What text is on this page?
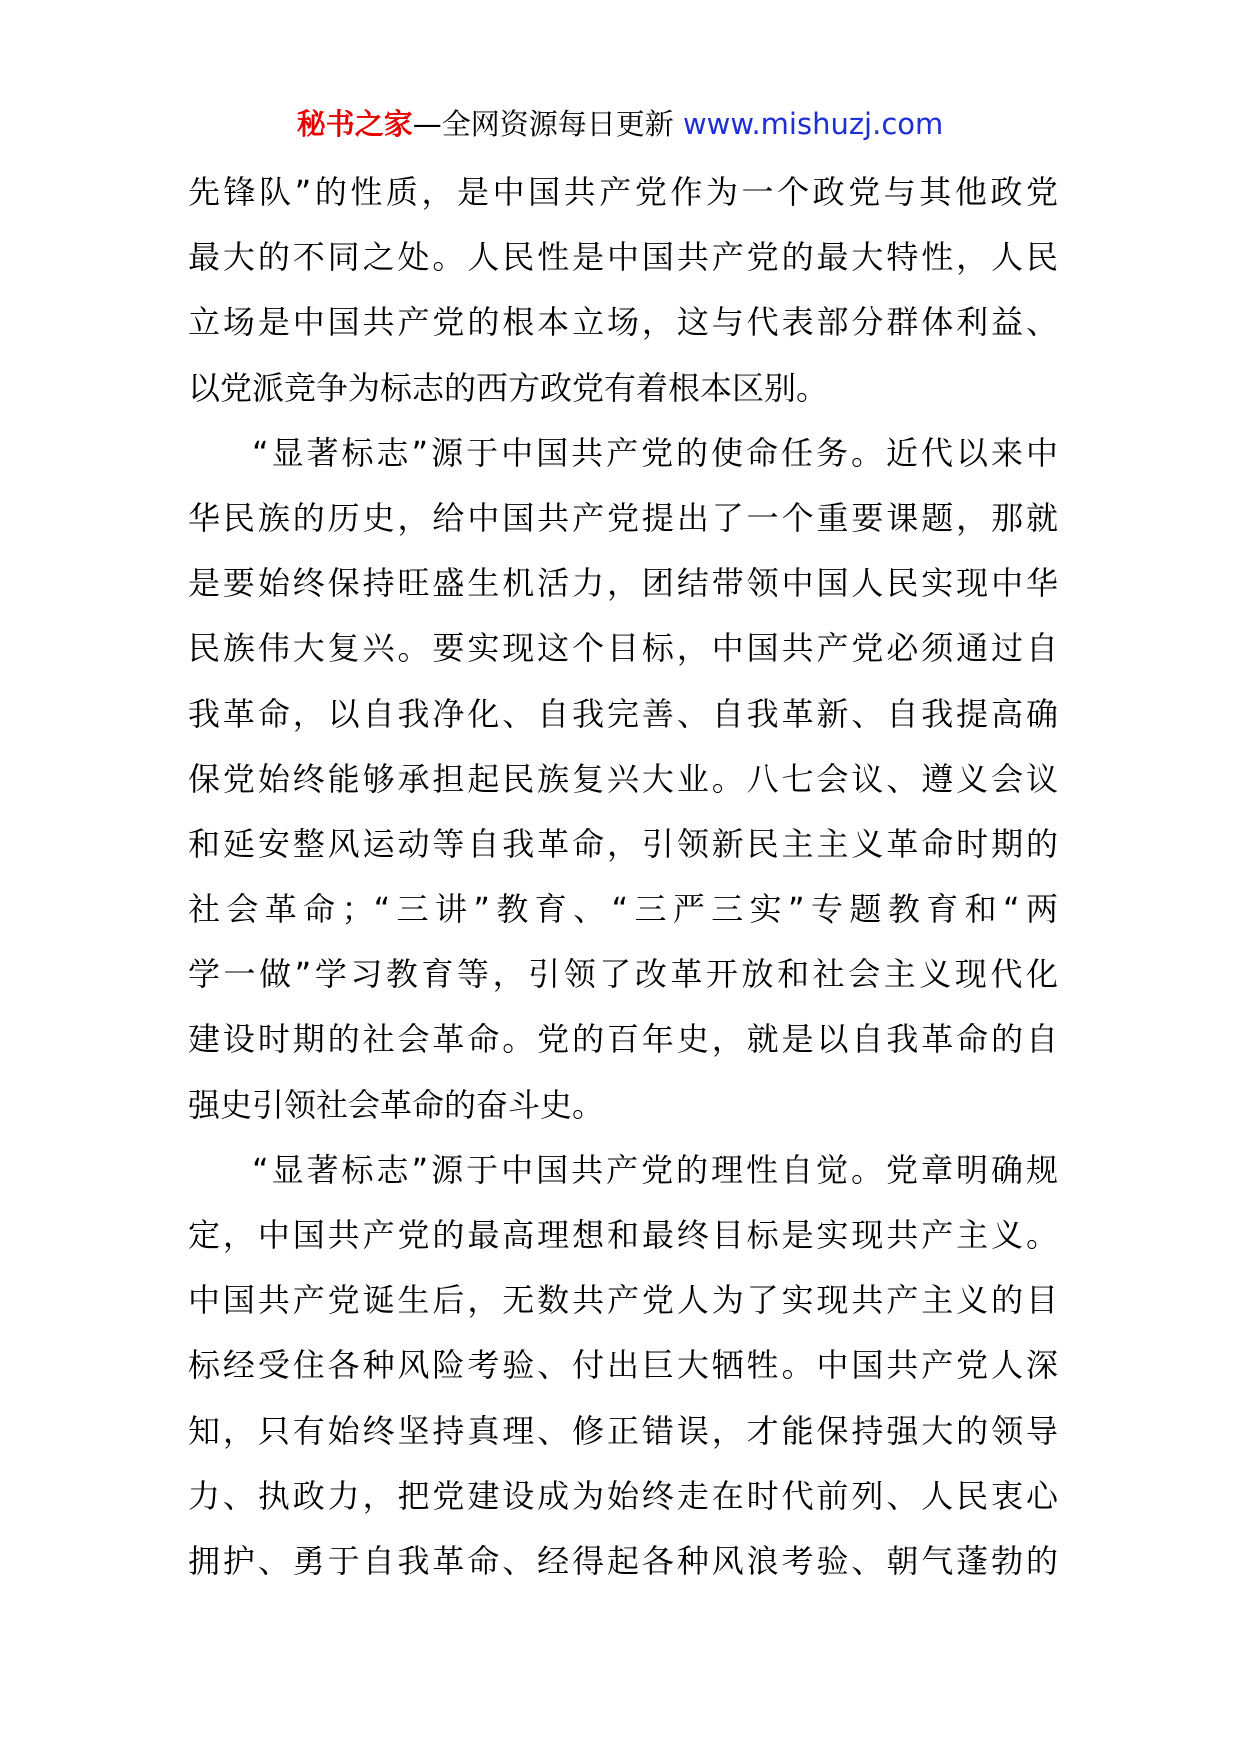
秘书之家—全网资源每日更新 www.mishuzj.com
先锋队”的性质，是中国共产党作为一个政党与其他政党
最大的不同之处。人民性是中国共产党的最大特性，人民
立场是中国共产党的根本立场，这与代表部分群体利益、
以党派竞争为标志的西方政党有着根本区别。
“显著标志”源于中国共产党的使命任务。近代以来中
华民族的历史，给中国共产党提出了一个重要课题，那就
是要始终保持旺盛生机活力，团结带领中国人民实现中华
民族伟大复兴。要实现这个目标，中国共产党必须通过自
我革命，以自我净化、自我完善、自我革新、自我提高确
保党始终能够承担起民族复兴大业。八七会议、遵义会议
和延安整风运动等自我革命，引领新民主主义革命时期的
社会革命；“三讲”教育、“三严三实”专题教育和“两
学一做”学习教育等，引领了改革开放和社会主义现代化
建设时期的社会革命。党的百年史，就是以自我革命的自
强史引领社会革命的奋斗史。
“显著标志”源于中国共产党的理性自觉。党章明确规
定，中国共产党的最高理想和最终目标是实现共产主义。
中国共产党诞生后，无数共产党人为了实现共产主义的目
标经受住各种风险考验、付出巨大牺牲。中国共产党人深
知，只有始终坚持真理、修正错误，才能保持强大的领导
力、执政力，把党建设成为始终走在时代前列、人民衷心
拥护、勇于自我革命、经得起各种风浪考验、朝气蓬勃的
